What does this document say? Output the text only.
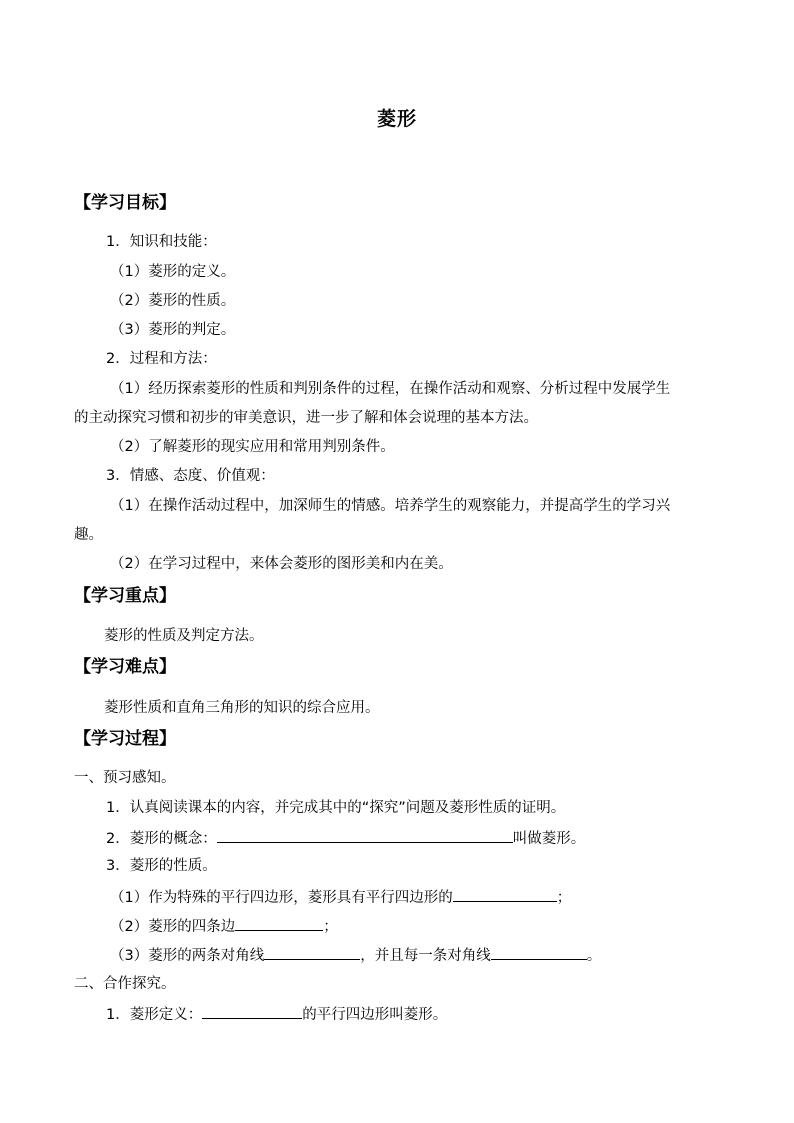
菱形
【学习目标】
1．知识和技能：
（1）菱形的定义。
（2）菱形的性质。
（3）菱形的判定。
2．过程和方法：
（1）经历探索菱形的性质和判别条件的过程，在操作活动和观察、分析过程中发展学生
的主动探究习惯和初步的审美意识，进一步了解和体会说理的基本方法。
（2）了解菱形的现实应用和常用判别条件。
3．情感、态度、价值观：
（1）在操作活动过程中，加深师生的情感。培养学生的观察能力，并提高学生的学习兴
趣。
（2）在学习过程中，来体会菱形的图形美和内在美。
【学习重点】
菱形的性质及判定方法。
【学习难点】
菱形性质和直角三角形的知识的综合应用。
【学习过程】
一、预习感知。
1．认真阅读课本的内容，并完成其中的“探究”问题及菱形性质的证明。
2．菱形的概念：	叫做菱形。
3．菱形的性质。
（1）作为特殊的平行四边形，菱形具有平行四边形的	；
（2）菱形的四条边	；
（3）菱形的两条对角线	，并且每一条对角线	。
二、合作探究。
1．菱形定义：	的平行四边形叫菱形。
